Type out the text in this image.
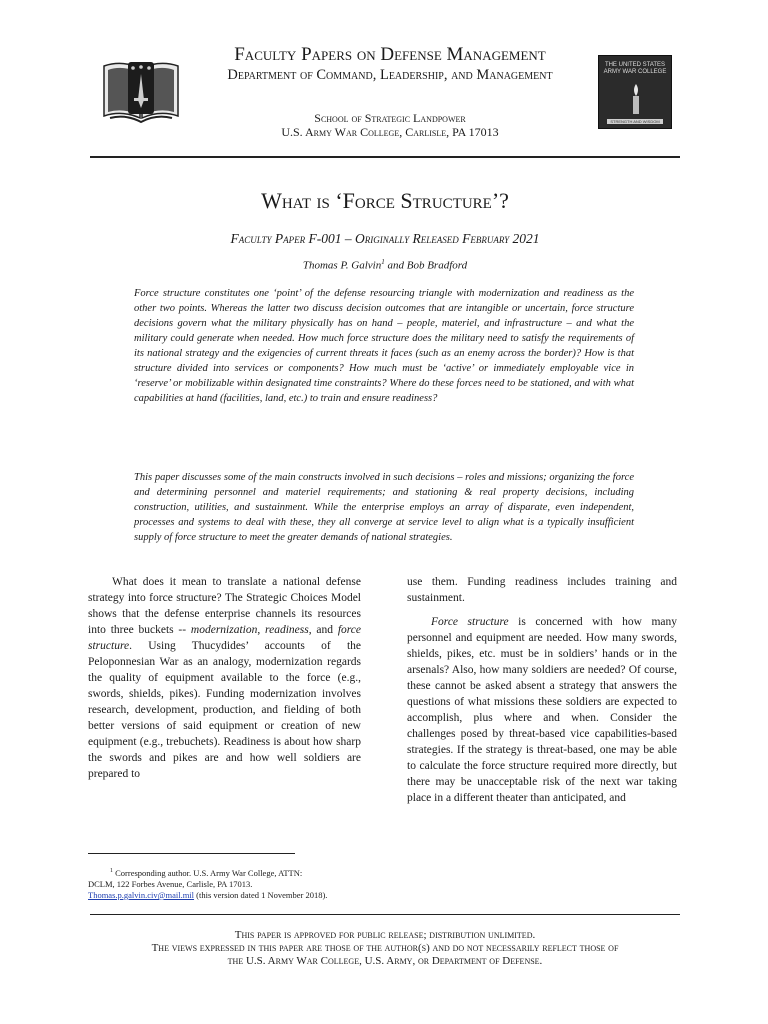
THE UNITED STATES ARMY WAR COLLEGE
STRENGTH AND WISDOM
Faculty Papers on Defense Management
Department of Command, Leadership, and Management
School of Strategic Landpower
U.S. Army War College, Carlisle, PA 17013
What is ‘Force Structure’?
Faculty Paper F-001 – Originally Released February 2021
Thomas P. Galvin$^1$ and Bob Bradford

Force structure constitutes one ‘point’ of the defense resourcing triangle with modernization and readiness as the other two points. Whereas the latter two discuss decision outcomes that are intangible or uncertain, force structure decisions govern what the military physically has on hand – people, materiel, and infrastructure – and what the military could generate when needed. How much force structure does the military need to satisfy the requirements of its national strategy and the exigencies of current threats it faces (such as an enemy across the border)? How is that structure divided into services or components? How much must be ‘active’ or immediately employable vice in ‘reserve’ or mobilizable within designated time constraints? Where do these forces need to be stationed, and with what capabilities at hand (facilities, land, etc.) to train and ensure readiness?

This paper discusses some of the main constructs involved in such decisions – roles and missions; organizing the force and determining personnel and materiel requirements; and stationing & real property decisions, including construction, utilities, and sustainment. While the enterprise employs an array of disparate, even independent, processes and systems to deal with these, they all converge at service level to align what is a typically insufficient supply of force structure to meet the greater demands of national strategies.

What does it mean to translate a national defense strategy into force structure? The Strategic Choices Model shows that the defense enterprise channels its resources into three buckets -- modernization, readiness, and force structure. Using Thucydides’ accounts of the Peloponnesian War as an analogy, modernization regards the quality of equipment available to the force (e.g., swords, shields, pikes). Funding modernization involves research, development, production, and fielding of both better versions of said equipment or creation of new equipment (e.g., trebuchets). Readiness is about how sharp the swords and pikes are and how well soldiers are prepared to

use them. Funding readiness includes training and sustainment.

Force structure is concerned with how many personnel and equipment are needed. How many swords, shields, pikes, etc. must be in soldiers’ hands or in the arsenals? Also, how many soldiers are needed? Of course, these cannot be asked absent a strategy that answers the questions of what missions these soldiers are expected to accomplish, plus where and when. Consider the challenges posed by threat-based vice capabilities-based strategies. If the strategy is threat-based, one may be able to calculate the force structure required more directly, but there may be unacceptable risk of the next war taking place in a different theater than anticipated, and

$^1$ Corresponding author. U.S. Army War College, ATTN:
DCLM, 122 Forbes Avenue, Carlisle, PA 17013.
Thomas.p.galvin.civ@mail.mil (this version dated 1 November 2018).
This paper is approved for public release; distribution unlimited.
The views expressed in this paper are those of the author(s) and do not necessarily reflect those of
the U.S. Army War College, U.S. Army, or Department of Defense.
